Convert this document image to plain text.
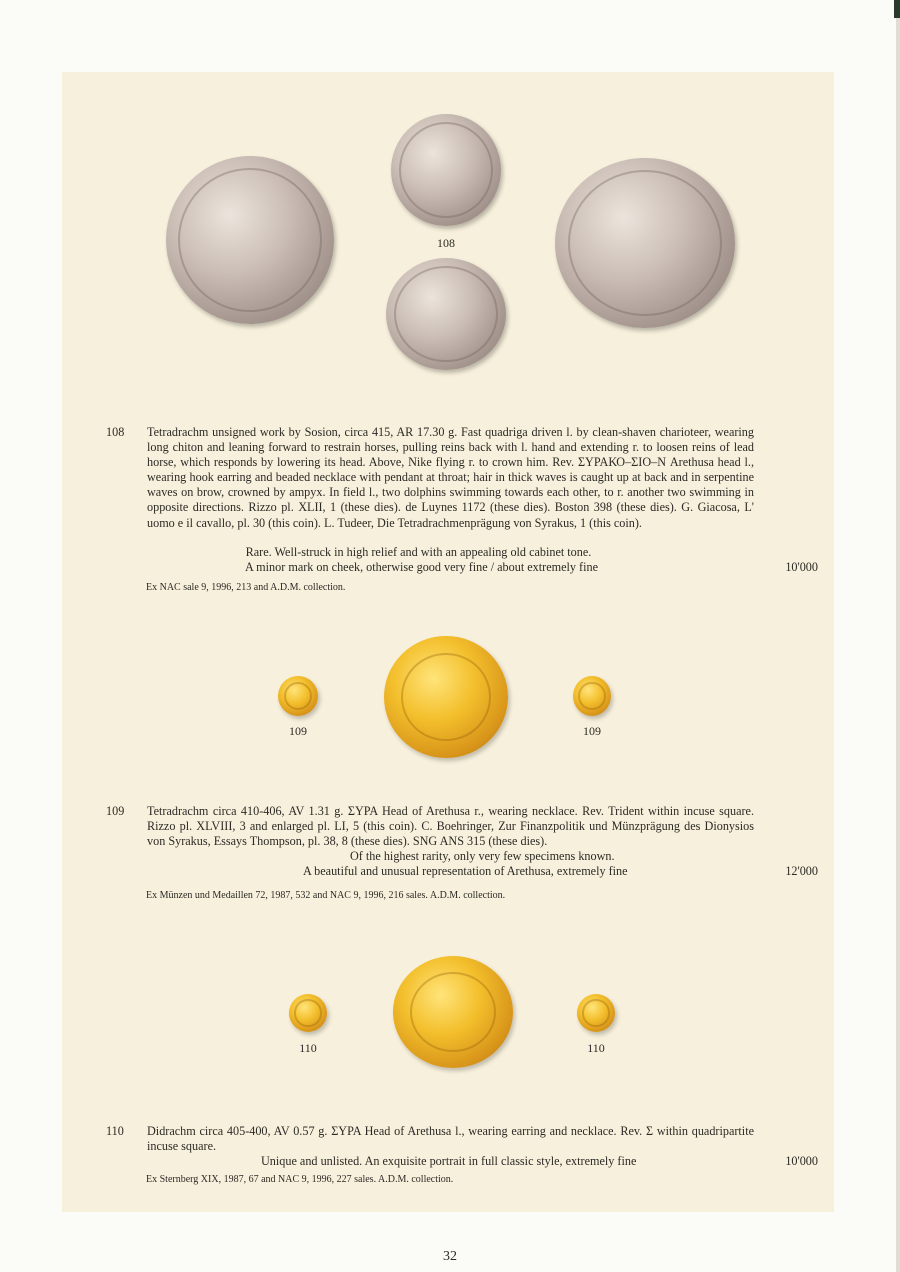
108
108 Tetradrachm unsigned work by Sosion, circa 415, AR 17.30 g. Fast quadriga driven l. by clean-shaven charioteer, wearing long chiton and leaning forward to restrain horses, pulling reins back with l. hand and extending r. to loosen reins of lead horse, which responds by lowering its head. Above, Nike flying r. to crown him. Rev. ΣΥΡΑΚΟ–ΣΙΟ–Ν Arethusa head l., wearing hook earring and beaded necklace with pendant at throat; hair in thick waves is caught up at back and in serpentine waves on brow, crowned by ampyx. In field l., two dolphins swimming towards each other, to r. another two swimming in opposite directions. Rizzo pl. XLII, 1 (these dies). de Luynes 1172 (these dies). Boston 398 (these dies). G. Giacosa, L' uomo e il cavallo, pl. 30 (this coin). L. Tudeer, Die Tetradrachmenprägung von Syrakus, 1 (this coin).

Rare. Well-struck in high relief and with an appealing old cabinet tone.
A minor mark on cheek, otherwise good very fine / about extremely fine	10'000
Ex NAC sale 9, 1996, 213 and A.D.M. collection.
109	109
109 Tetradrachm circa 410-406, AV 1.31 g. ΣΥΡΑ Head of Arethusa r., wearing necklace. Rev. Trident within incuse square. Rizzo pl. XLVIII, 3 and enlarged pl. LI, 5 (this coin). C. Boehringer, Zur Finanzpolitik und Münzprägung des Dionysios von Syrakus, Essays Thompson, pl. 38, 8 (these dies). SNG ANS 315 (these dies).

Of the highest rarity, only very few specimens known.
A beautiful and unusual representation of Arethusa, extremely fine	12'000
Ex Münzen und Medaillen 72, 1987, 532 and NAC 9, 1996, 216 sales. A.D.M. collection.
110	110
110 Didrachm circa 405-400, AV 0.57 g. ΣΥΡΑ Head of Arethusa l., wearing earring and necklace. Rev. Σ within quadripartite incuse square.

Unique and unlisted. An exquisite portrait in full classic style, extremely fine	10'000
Ex Sternberg XIX, 1987, 67 and NAC 9, 1996, 227 sales. A.D.M. collection.
32
